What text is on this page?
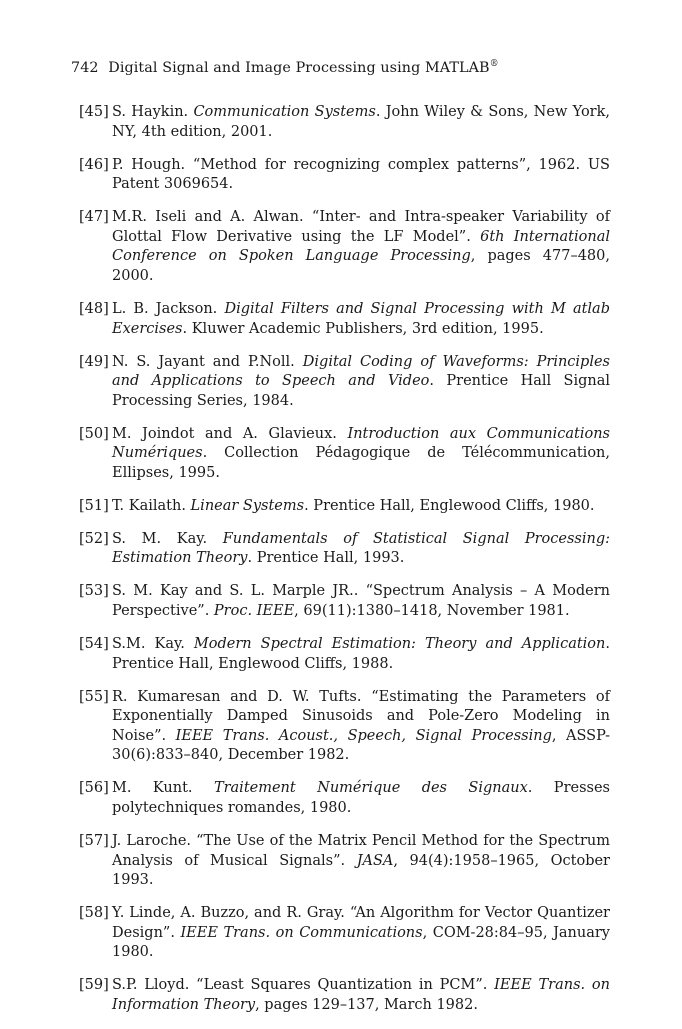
742 Digital Signal and Image Processing using MATLAB®
[45] S. Haykin. Communication Systems. John Wiley & Sons, New York, NY, 4th edition, 2001.
[46] P. Hough. “Method for recognizing complex patterns”, 1962. US Patent 3069654.
[47] M.R. Iseli and A. Alwan. “Inter- and Intra-speaker Variability of Glottal Flow Derivative using the LF Model”. 6th International Conference on Spoken Language Processing, pages 477–480, 2000.
[48] L. B. Jackson. Digital Filters and Signal Processing with M atlab Exercises. Kluwer Academic Publishers, 3rd edition, 1995.
[49] N. S. Jayant and P.Noll. Digital Coding of Waveforms: Principles and Applications to Speech and Video. Prentice Hall Signal Processing Series, 1984.
[50] M. Joindot and A. Glavieux. Introduction aux Communications Numériques. Collection Pédagogique de Télécommunication, Ellipses, 1995.
[51] T. Kailath. Linear Systems. Prentice Hall, Englewood Cliffs, 1980.
[52] S. M. Kay. Fundamentals of Statistical Signal Processing: Estimation Theory. Prentice Hall, 1993.
[53] S. M. Kay and S. L. Marple JR.. “Spectrum Analysis – A Modern Perspective”. Proc. IEEE, 69(11):1380–1418, November 1981.
[54] S.M. Kay. Modern Spectral Estimation: Theory and Application. Prentice Hall, Englewood Cliffs, 1988.
[55] R. Kumaresan and D. W. Tufts. “Estimating the Parameters of Exponentially Damped Sinusoids and Pole-Zero Modeling in Noise”. IEEE Trans. Acoust., Speech, Signal Processing, ASSP-30(6):833–840, December 1982.
[56] M. Kunt. Traitement Numérique des Signaux. Presses polytechniques romandes, 1980.
[57] J. Laroche. “The Use of the Matrix Pencil Method for the Spectrum Analysis of Musical Signals”. JASA, 94(4):1958–1965, October 1993.
[58] Y. Linde, A. Buzzo, and R. Gray. “An Algorithm for Vector Quantizer Design”. IEEE Trans. on Communications, COM-28:84–95, January 1980.
[59] S.P. Lloyd. “Least Squares Quantization in PCM”. IEEE Trans. on Information Theory, pages 129–137, March 1982.
